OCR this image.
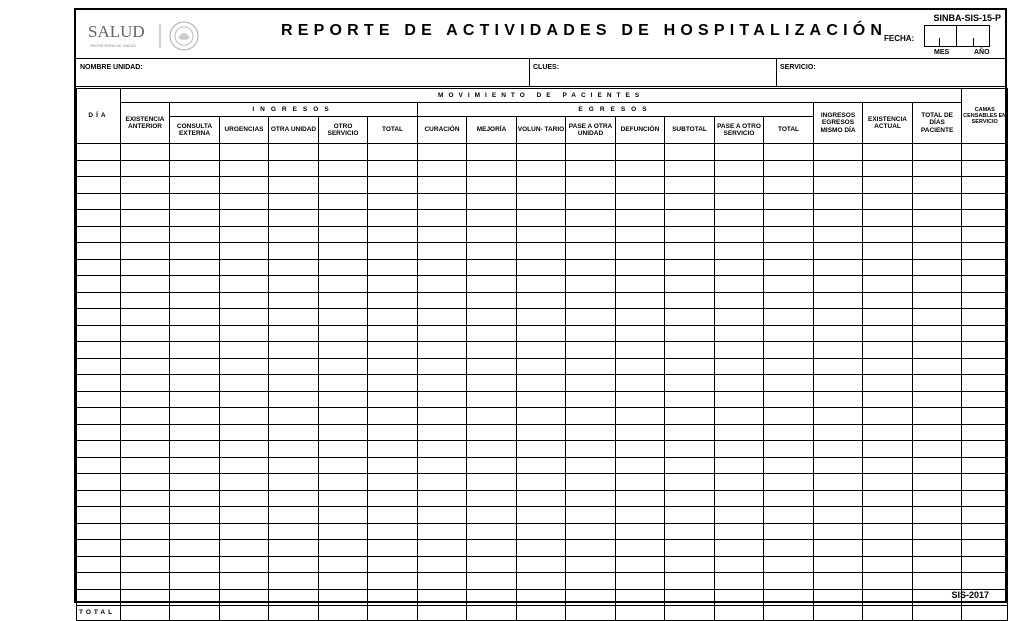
SALUD
SECRETARÍA DE SALUD
REPORTE DE ACTIVIDADES DE HOSPITALIZACIÓN
SINBA-SIS-15-P
FECHA:
MES	AÑO
NOMBRE UNIDAD:	CLUES:	SERVICIO:
DÍA	MOVIMIENTO DE PACIENTES																	CAMAS CENSABLES EN SERVICIO
	EXISTENCIA ANTERIOR	INGRESOS					EGRESOS								INGRESOS EGRESOS MISMO DÍA	EXISTENCIA ACTUAL	TOTAL DE DÍAS PACIENTE	
		CONSULTA EXTERNA	URGENCIAS	OTRA UNIDAD	OTRO SERVICIO	TOTAL	CURACIÓN	MEJORÍA	VOLUN- TARIO	PASE A OTRA UNIDAD	DEFUNCIÓN	SUBTOTAL	PASE A OTRO SERVICIO	TOTAL				

TOTAL																		
SIS-2017
